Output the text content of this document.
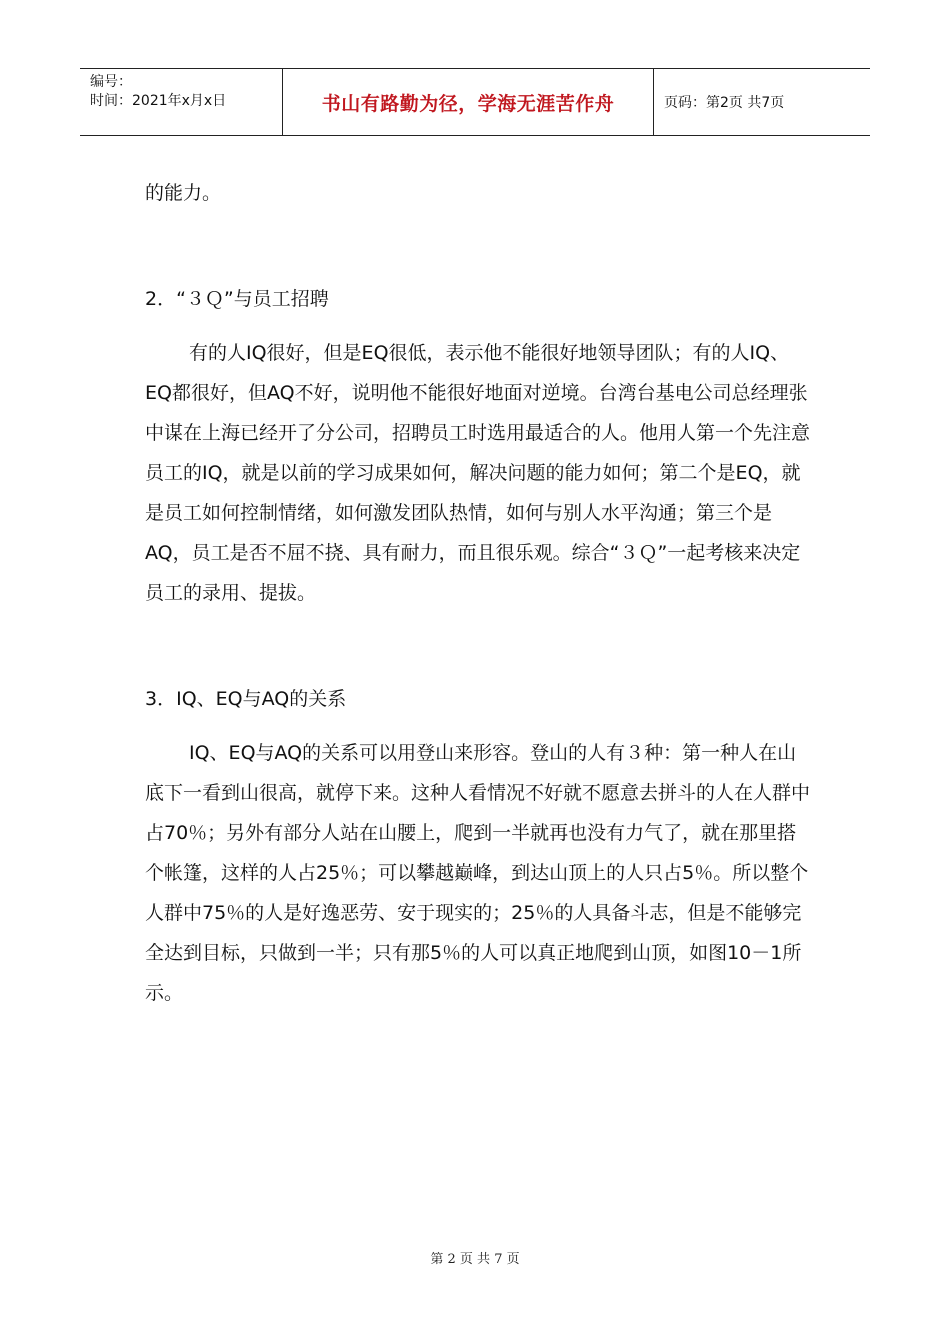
编号：
时间：2021年x月x日	书山有路勤为径，学海无涯苦作舟	页码：第2页 共7页

的能力。

2．“３Ｑ”与员工招聘

有的人IQ很好，但是EQ很低，表示他不能很好地领导团队；有的人IQ、EQ都很好，但AQ不好，说明他不能很好地面对逆境。台湾台基电公司总经理张中谋在上海已经开了分公司，招聘员工时选用最适合的人。他用人第一个先注意员工的IQ，就是以前的学习成果如何，解决问题的能力如何；第二个是EQ，就是员工如何控制情绪，如何激发团队热情，如何与别人水平沟通；第三个是AQ，员工是否不屈不挠、具有耐力，而且很乐观。综合“３Ｑ”一起考核来决定员工的录用、提拔。

3．IQ、EQ与AQ的关系

IQ、EQ与AQ的关系可以用登山来形容。登山的人有３种：第一种人在山底下一看到山很高，就停下来。这种人看情况不好就不愿意去拼斗的人在人群中占70％；另外有部分人站在山腰上，爬到一半就再也没有力气了，就在那里搭个帐篷，这样的人占25％；可以攀越巅峰，到达山顶上的人只占5％。所以整个人群中75％的人是好逸恶劳、安于现实的；25％的人具备斗志，但是不能够完全达到目标，只做到一半；只有那5％的人可以真正地爬到山顶，如图10－1所示。

第 2 页 共 7 页
